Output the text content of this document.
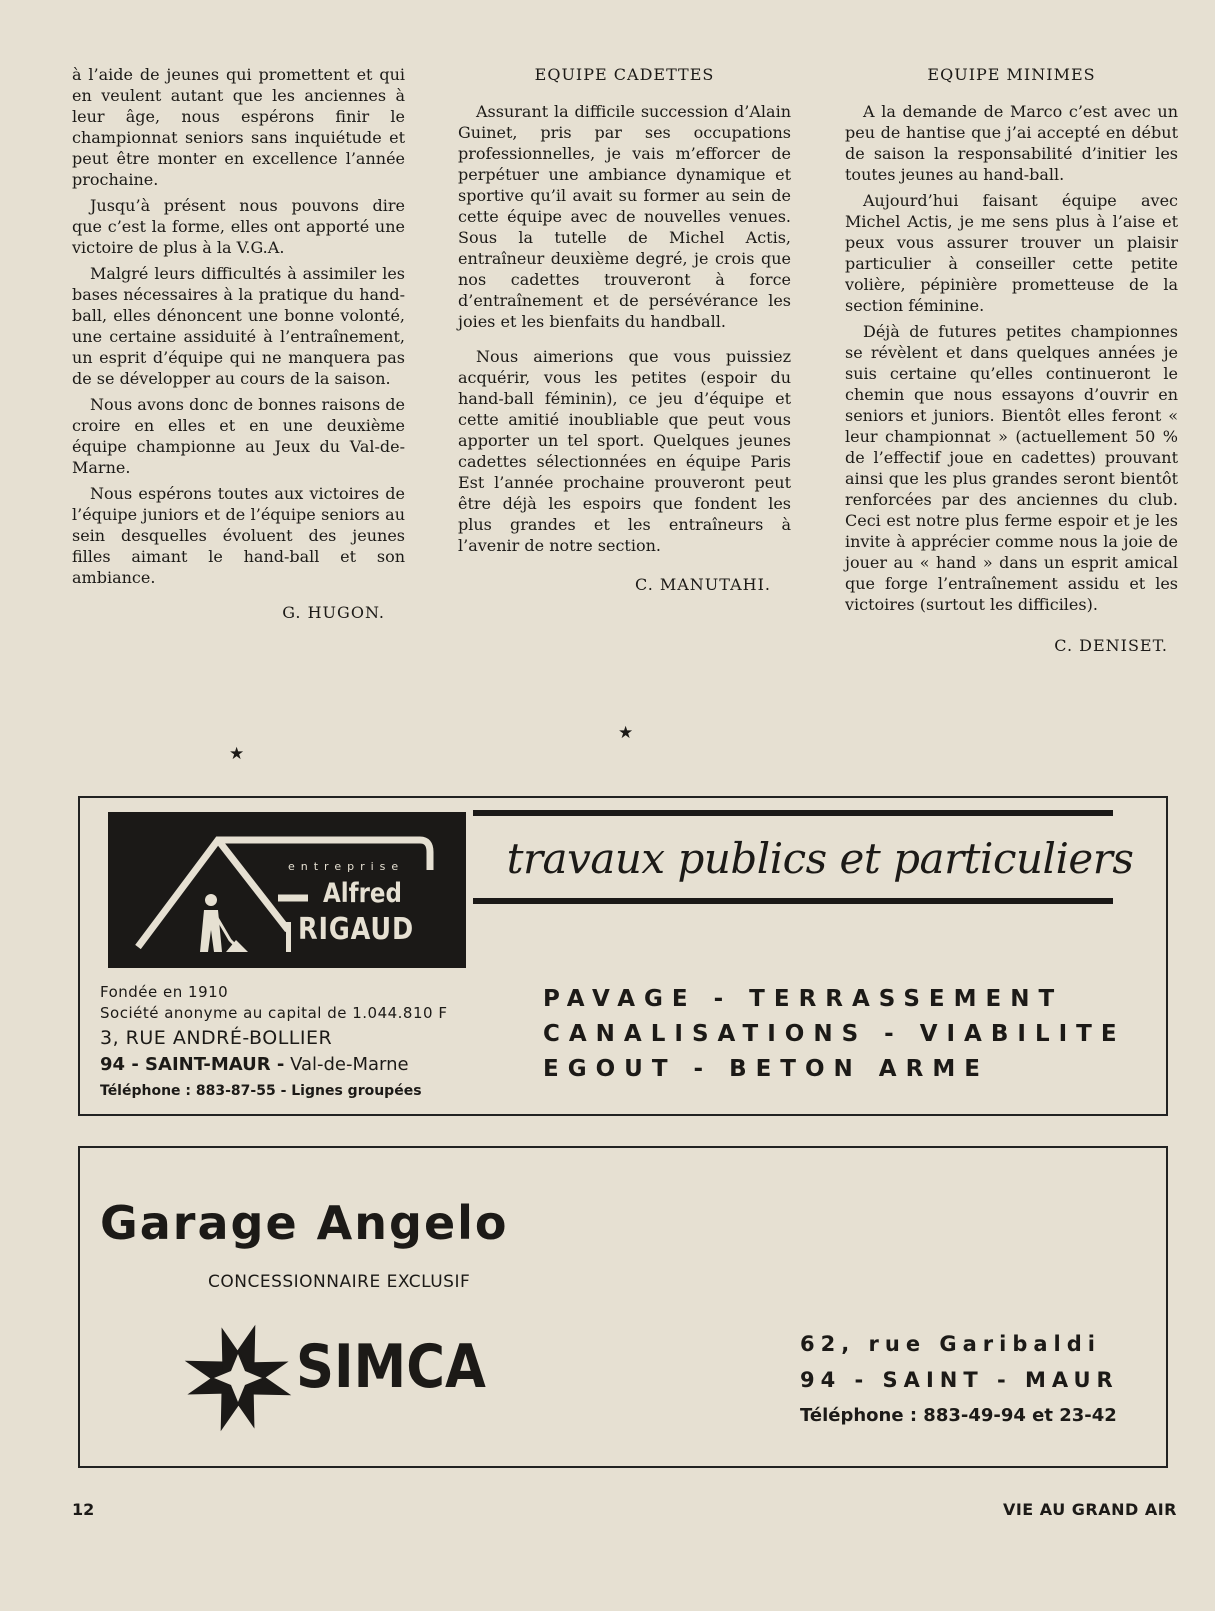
à l’aide de jeunes qui promettent et qui en veulent autant que les anciennes à leur âge, nous espérons finir le championnat seniors sans inquiétude et peut être monter en excellence l’année prochaine.

Jusqu’à présent nous pouvons dire que c’est la forme, elles ont apporté une victoire de plus à la V.G.A.

Malgré leurs difficultés à assimiler les bases nécessaires à la pratique du hand-ball, elles dénoncent une bonne volonté, une certaine assiduité à l’entraînement, un esprit d’équipe qui ne manquera pas de se développer au cours de la saison.

Nous avons donc de bonnes raisons de croire en elles et en une deuxième équipe championne au Jeux du Val-de-Marne.

Nous espérons toutes aux victoires de l’équipe juniors et de l’équipe seniors au sein desquelles évoluent des jeunes filles aimant le hand-ball et son ambiance.

G. HUGON.
EQUIPE CADETTES

Assurant la difficile succession d’Alain Guinet, pris par ses occupations professionnelles, je vais m’efforcer de perpétuer une ambiance dynamique et sportive qu’il avait su former au sein de cette équipe avec de nouvelles venues. Sous la tutelle de Michel Actis, entraîneur deuxième degré, je crois que nos cadettes trouveront à force d’entraînement et de persévérance les joies et les bienfaits du handball.

Nous aimerions que vous puissiez acquérir, vous les petites (espoir du hand-ball féminin), ce jeu d’équipe et cette amitié inoubliable que peut vous apporter un tel sport. Quelques jeunes cadettes sélectionnées en équipe Paris Est l’année prochaine prouveront peut être déjà les espoirs que fondent les plus grandes et les entraîneurs à l’avenir de notre section.

C. MANUTAHI.
EQUIPE MINIMES

A la demande de Marco c’est avec un peu de hantise que j’ai accepté en début de saison la responsabilité d’initier les toutes jeunes au hand-ball.

Aujourd’hui faisant équipe avec Michel Actis, je me sens plus à l’aise et peux vous assurer trouver un plaisir particulier à conseiller cette petite volière, pépinière prometteuse de la section féminine.

Déjà de futures petites championnes se révèlent et dans quelques années je suis certaine qu’elles continueront le chemin que nous essayons d’ouvrir en seniors et juniors. Bientôt elles feront « leur championnat » (actuellement 50 % de l’effectif joue en cadettes) prouvant ainsi que les plus grandes seront bientôt renforcées par des anciennes du club. Ceci est notre plus ferme espoir et je les invite à apprécier comme nous la joie de jouer au « hand » dans un esprit amical que forge l’entraînement assidu et les victoires (surtout les difficiles).

C. DENISET.
★
★
entreprise
Alfred
RIGAUD
travaux publics et particuliers
Fondée en 1910
Société anonyme au capital de 1.044.810 F
3, RUE ANDRÉ-BOLLIER
94 - SAINT-MAUR - Val-de-Marne
Téléphone : 883-87-55 - Lignes groupées
PAVAGE - TERRASSEMENT
CANALISATIONS - VIABILITE
EGOUT - BETON ARME
Garage Angelo
CONCESSIONNAIRE EXCLUSIF
SIMCA	62, rue Garibaldi
94 - SAINT - MAUR
Téléphone : 883-49-94 et 23-42
12	VIE AU GRAND AIR
